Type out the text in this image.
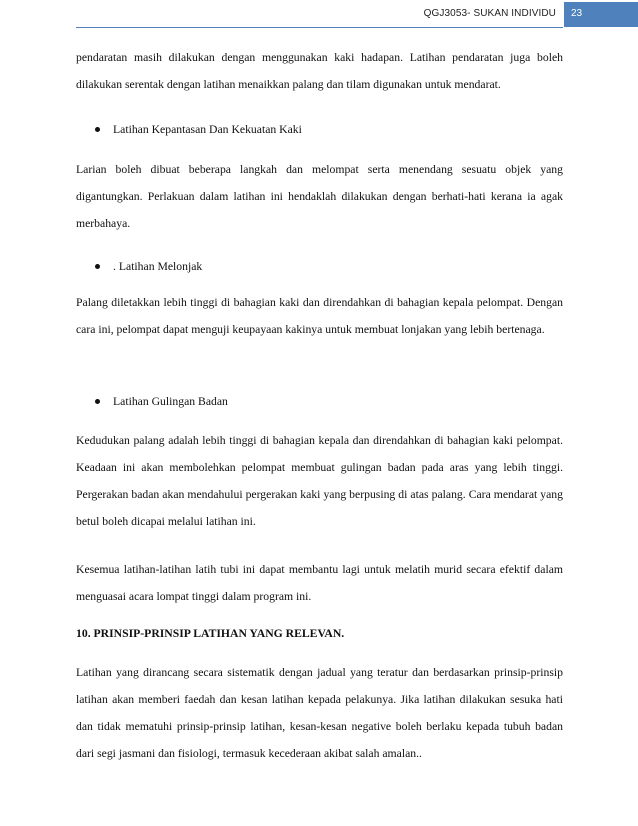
QGJ3053- SUKAN INDIVIDU	23

pendaratan masih dilakukan dengan menggunakan kaki hadapan. Latihan pendaratan juga boleh dilakukan serentak dengan latihan menaikkan palang dan tilam digunakan untuk mendarat.

Latihan Kepantasan Dan Kekuatan Kaki

Larian boleh dibuat beberapa langkah dan melompat serta menendang sesuatu objek yang digantungkan. Perlakuan dalam latihan ini hendaklah dilakukan dengan berhati-hati kerana ia agak merbahaya.

. Latihan Melonjak

Palang diletakkan lebih tinggi di bahagian kaki dan direndahkan di bahagian kepala pelompat. Dengan cara ini, pelompat dapat menguji keupayaan kakinya untuk membuat lonjakan yang lebih bertenaga.

Latihan Gulingan Badan

Kedudukan palang adalah lebih tinggi di bahagian kepala dan direndahkan di bahagian kaki pelompat. Keadaan ini akan membolehkan pelompat membuat gulingan badan pada aras yang lebih tinggi. Pergerakan badan akan mendahului pergerakan kaki yang berpusing di atas palang. Cara mendarat yang betul boleh dicapai melalui latihan ini.

Kesemua latihan-latihan latih tubi ini dapat membantu lagi untuk melatih murid secara efektif dalam menguasai acara lompat tinggi dalam program ini.

10. PRINSIP-PRINSIP LATIHAN YANG RELEVAN.

Latihan yang dirancang secara sistematik dengan jadual yang teratur dan berdasarkan prinsip-prinsip latihan akan memberi faedah dan kesan latihan kepada pelakunya. Jika latihan dilakukan sesuka hati dan tidak mematuhi prinsip-prinsip latihan, kesan-kesan negative boleh berlaku kepada tubuh badan dari segi jasmani dan fisiologi, termasuk kecederaan akibat salah amalan..
